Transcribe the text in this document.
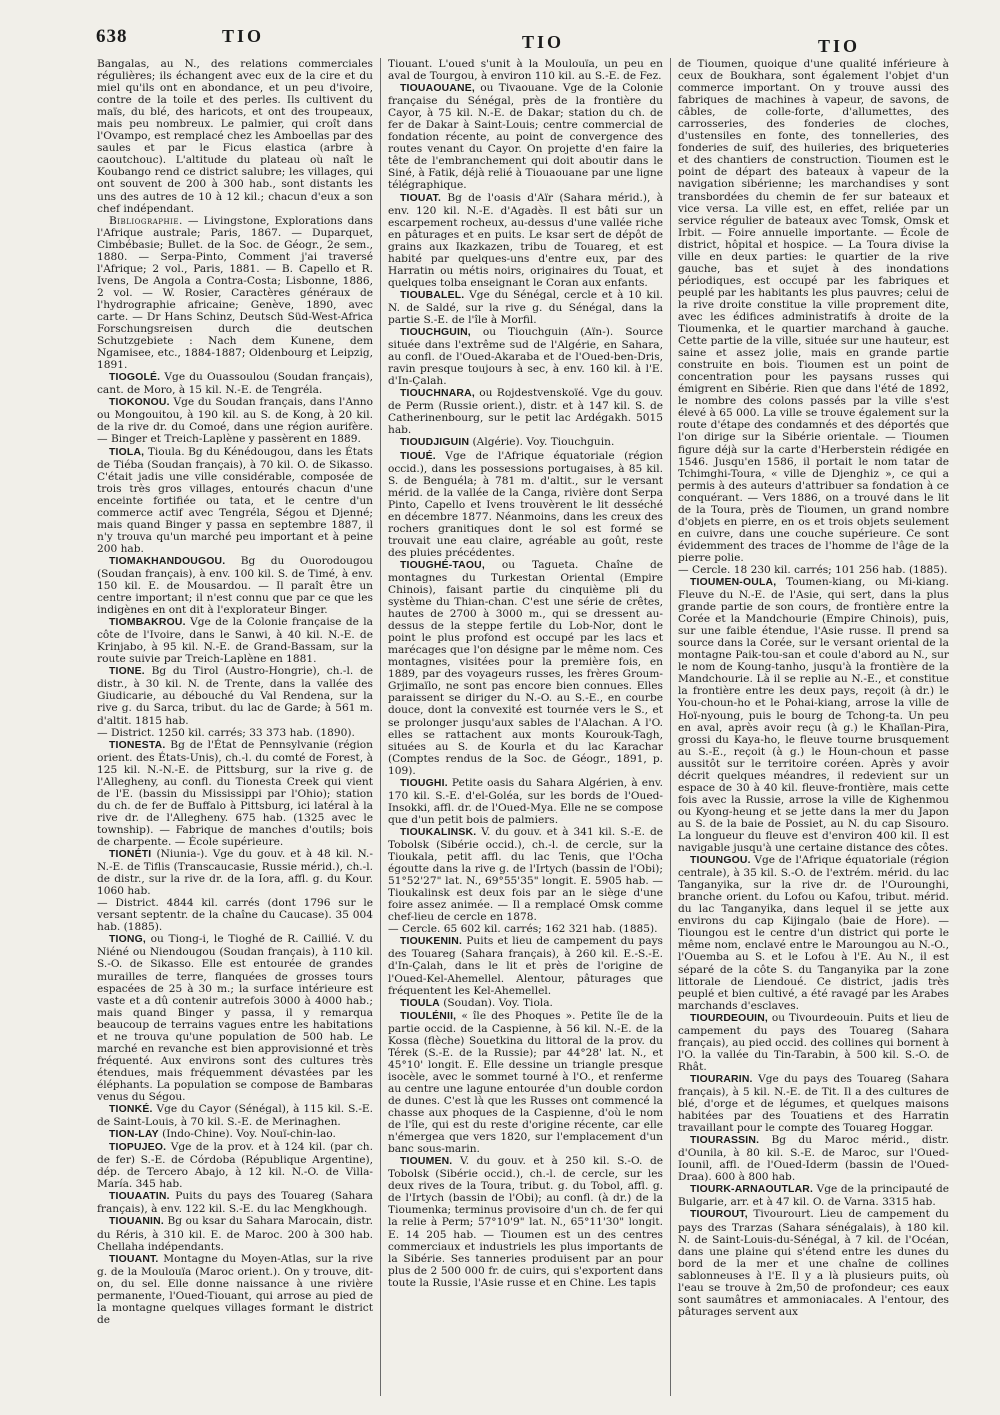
638	TIO	TIO	TIO

Bangalas, au N., des relations commerciales régulières; ils échangent avec eux de la cire et du miel qu'ils ont en abondance, et un peu d'ivoire, contre de la toile et des perles. Ils cultivent du maïs, du blé, des haricots, et ont des troupeaux, mais peu nombreux. Le palmier, qui croît dans l'Ovampo, est remplacé chez les Amboellas par des saules et par le Ficus elastica (arbre à caoutchouc). L'altitude du plateau où naît le Koubango rend ce district salubre; les villages, qui ont souvent de 200 à 300 hab., sont distants les uns des autres de 10 à 12 kil.; chacun d'eux a son chef indépendant.

Bibliographie. — Livingstone, Explorations dans l'Afrique australe; Paris, 1867. — Duparquet, Cimbébasie; Bullet. de la Soc. de Géogr., 2e sem., 1880. — Serpa-Pinto, Comment j'ai traversé l'Afrique; 2 vol., Paris, 1881. — B. Capello et R. Ivens, De Angola a Contra-Costa; Lisbonne, 1886, 2 vol. — W. Rosier, Caractères généraux de l'hydrographie africaine; Genève, 1890, avec carte. — Dr Hans Schinz, Deutsch Süd-West-Africa Forschungsreisen durch die deutschen Schutzgebiete : Nach dem Kunene, dem Ngamisee, etc., 1884-1887; Oldenbourg et Leipzig, 1891.

TIOGOLÉ. Vge du Ouassoulou (Soudan français), cant. de Moro, à 15 kil. N.-E. de Tengréla.

TIOKONOU. Vge du Soudan français, dans l'Anno ou Mongouitou, à 190 kil. au S. de Kong, à 20 kil. de la rive dr. du Comoé, dans une région aurifère. — Binger et Treich-Laplène y passèrent en 1889.

TIOLA, Tioula. Bg du Kénédougou, dans les États de Tiéba (Soudan français), à 70 kil. O. de Sikasso. C'était jadis une ville considérable, composée de trois très gros villages, entourés chacun d'une enceinte fortifiée ou tata, et le centre d'un commerce actif avec Tengréla, Ségou et Djenné; mais quand Binger y passa en septembre 1887, il n'y trouva qu'un marché peu important et à peine 200 hab.

TIOMAKHANDOUGOU. Bg du Ouorodougou (Soudan français), à env. 100 kil. S. de Timé, à env. 150 kil. E. de Mousardou. — Il paraît être un centre important; il n'est connu que par ce que les indigènes en ont dit à l'explorateur Binger.

TIOMBAKROU. Vge de la Colonie française de la côte de l'Ivoire, dans le Sanwi, à 40 kil. N.-E. de Krinjabo, à 95 kil. N.-E. de Grand-Bassam, sur la route suivie par Treich-Laplène en 1881.

TIONE. Bg du Tirol (Austro-Hongrie), ch.-l. de distr., à 30 kil. N. de Trente, dans la vallée des Giudicarie, au débouché du Val Rendena, sur la rive g. du Sarca, tribut. du lac de Garde; à 561 m. d'altit. 1815 hab.

— District. 1250 kil. carrés; 33 373 hab. (1890).

TIONESTA. Bg de l'État de Pennsylvanie (région orient. des États-Unis), ch.-l. du comté de Forest, à 125 kil. N.-N.-E. de Pittsburg, sur la rive g. de l'Allegheny, au confl. du Tionesta Creek qui vient de l'E. (bassin du Mississippi par l'Ohio); station du ch. de fer de Buffalo à Pittsburg, ici latéral à la rive dr. de l'Allegheny. 675 hab. (1325 avec le township). — Fabrique de manches d'outils; bois de charpente. — École supérieure.

TIONÉTI (Niunia-). Vge du gouv. et à 48 kil. N.-N.-E. de Tiflis (Transcaucasie, Russie mérid.), ch.-l. de distr., sur la rive dr. de la Iora, affl. g. du Kour. 1060 hab.

— District. 4844 kil. carrés (dont 1796 sur le versant septentr. de la chaîne du Caucase). 35 004 hab. (1885).

TIONG, ou Tiong-i, le Tioghé de R. Caillié. V. du Niéné ou Niendougou (Soudan français), à 110 kil. S.-O. de Sikasso. Elle est entourée de grandes murailles de terre, flanquées de grosses tours espacées de 25 à 30 m.; la surface intérieure est vaste et a dû contenir autrefois 3000 à 4000 hab.; mais quand Binger y passa, il y remarqua beaucoup de terrains vagues entre les habitations et ne trouva qu'une population de 500 hab. Le marché en revanche est bien approvisionné et très fréquenté. Aux environs sont des cultures très étendues, mais fréquemment dévastées par les éléphants. La population se compose de Bambaras venus du Ségou.

TIONKÉ. Vge du Cayor (Sénégal), à 115 kil. S.-E. de Saint-Louis, à 70 kil. S.-E. de Merinaghen.

TION-LAY (Indo-Chine). Voy. Nouï-chin-lao.

TIOPUJEO. Vge de la prov. et à 124 kil. (par ch. de fer) S.-E. de Córdoba (République Argentine), dép. de Tercero Abajo, à 12 kil. N.-O. de Villa-María. 345 hab.

TIOUAATIN. Puits du pays des Touareg (Sahara français), à env. 122 kil. S.-E. du lac Mengkhough.

TIOUANIN. Bg ou ksar du Sahara Marocain, distr. du Réris, à 310 kil. E. de Maroc. 200 à 300 hab. Chellaha indépendants.

TIOUANT. Montagne du Moyen-Atlas, sur la rive g. de la Moulouïa (Maroc orient.). On y trouve, dit-on, du sel. Elle donne naissance à une rivière permanente, l'Oued-Tiouant, qui arrose au pied de la montagne quelques villages formant le district de

Tiouant. L'oued s'unit à la Moulouïa, un peu en aval de Tourgou, à environ 110 kil. au S.-E. de Fez.

TIOUAOUANE, ou Tivaouane. Vge de la Colonie française du Sénégal, près de la frontière du Cayor, à 75 kil. N.-E. de Dakar; station du ch. de fer de Dakar à Saint-Louis; centre commercial de fondation récente, au point de convergence des routes venant du Cayor. On projette d'en faire la tête de l'embranchement qui doit aboutir dans le Siné, à Fatik, déjà relié à Tiouaouane par une ligne télégraphique.

TIOUAT. Bg de l'oasis d'Aïr (Sahara mérid.), à env. 120 kil. N.-E. d'Agadès. Il est bâti sur un escarpement rocheux, au-dessus d'une vallée riche en pâturages et en puits. Le ksar sert de dépôt de grains aux Ikazkazen, tribu de Touareg, et est habité par quelques-uns d'entre eux, par des Harratin ou métis noirs, originaires du Touat, et quelques tolba enseignant le Coran aux enfants.

TIOUBALEL. Vge du Sénégal, cercle et à 10 kil. N. de Saldé, sur la rive g. du Sénégal, dans la partie S.-E. de l'île à Morfil.

TIOUCHGUIN, ou Tiouchguin (Aïn-). Source située dans l'extrême sud de l'Algérie, en Sahara, au confl. de l'Oued-Akaraba et de l'Oued-ben-Dris, ravin presque toujours à sec, à env. 160 kil. à l'E. d'In-Çalah.

TIOUCHNARA, ou Rojdestvenskoïé. Vge du gouv. de Perm (Russie orient.), distr. et à 147 kil. S. de Catherinenbourg, sur le petit lac Ardégakh. 5015 hab.

TIOUDJIGUIN (Algérie). Voy. Tiouchguin.

TIOUÉ. Vge de l'Afrique équatoriale (région occid.), dans les possessions portugaises, à 85 kil. S. de Benguéla; à 781 m. d'altit., sur le versant mérid. de la vallée de la Canga, rivière dont Serpa Pinto, Capello et Ivens trouvèrent le lit desséché en décembre 1877. Néanmoins, dans les creux des rochers granitiques dont le sol est formé se trouvait une eau claire, agréable au goût, reste des pluies précédentes.

TIOUGHÉ-TAOU, ou Tagueta. Chaîne de montagnes du Turkestan Oriental (Empire Chinois), faisant partie du cinquième pli du système du Thian-chan. C'est une série de crêtes, hautes de 2700 à 3000 m., qui se dressent au-dessus de la steppe fertile du Lob-Nor, dont le point le plus profond est occupé par les lacs et marécages que l'on désigne par le même nom. Ces montagnes, visitées pour la première fois, en 1889, par des voyageurs russes, les frères Groum-Grjimaïlo, ne sont pas encore bien connues. Elles paraissent se diriger du N.-O. au S.-E., en courbe douce, dont la convexité est tournée vers le S., et se prolonger jusqu'aux sables de l'Alachan. A l'O. elles se rattachent aux monts Kourouk-Tagh, situées au S. de Kourla et du lac Karachar (Comptes rendus de la Soc. de Géogr., 1891, p. 109).

TIOUGHI. Petite oasis du Sahara Algérien, à env. 170 kil. S.-E. d'el-Goléa, sur les bords de l'Oued-Insokki, affl. dr. de l'Oued-Mya. Elle ne se compose que d'un petit bois de palmiers.

TIOUKALINSK. V. du gouv. et à 341 kil. S.-E. de Tobolsk (Sibérie occid.), ch.-l. de cercle, sur la Tioukala, petit affl. du lac Tenis, que l'Ocha égoutte dans la rive g. de l'Irtych (bassin de l'Obi); 51°52'27" lat. N., 69°55'35" longit. E. 5905 hab. — Tioukalinsk est deux fois par an le siège d'une foire assez animée. — Il a remplacé Omsk comme chef-lieu de cercle en 1878.

— Cercle. 65 602 kil. carrés; 162 321 hab. (1885).

TIOUKENIN. Puits et lieu de campement du pays des Touareg (Sahara français), à 260 kil. E.-S.-E. d'In-Çalah, dans le lit et près de l'origine de l'Oued-Kel-Ahemellel. Alentour, pâturages que fréquentent les Kel-Ahemellel.

TIOULA (Soudan). Voy. Tiola.

TIOULÉNII, « île des Phoques ». Petite île de la partie occid. de la Caspienne, à 56 kil. N.-E. de la Kossa (flèche) Souetkina du littoral de la prov. du Térek (S.-E. de la Russie); par 44°28' lat. N., et 45°10' longit. E. Elle dessine un triangle presque isocèle, avec le sommet tourné à l'O., et renferme au centre une lagune entourée d'un double cordon de dunes. C'est là que les Russes ont commencé la chasse aux phoques de la Caspienne, d'où le nom de l'île, qui est du reste d'origine récente, car elle n'émergea que vers 1820, sur l'emplacement d'un banc sous-marin.

TIOUMEN. V. du gouv. et à 250 kil. S.-O. de Tobolsk (Sibérie occid.), ch.-l. de cercle, sur les deux rives de la Toura, tribut. g. du Tobol, affl. g. de l'Irtych (bassin de l'Obi); au confl. (à dr.) de la Tioumenka; terminus provisoire d'un ch. de fer qui la relie à Perm; 57°10'9" lat. N., 65°11'30" longit. E. 14 205 hab. — Tioumen est un des centres commerciaux et industriels les plus importants de la Sibérie. Ses tanneries produisent par an pour plus de 2 500 000 fr. de cuirs, qui s'exportent dans toute la Russie, l'Asie russe et en Chine. Les tapis

de Tioumen, quoique d'une qualité inférieure à ceux de Boukhara, sont également l'objet d'un commerce important. On y trouve aussi des fabriques de machines à vapeur, de savons, de câbles, de colle-forte, d'allumettes, des carrosseries, des fonderies de cloches, d'ustensiles en fonte, des tonnelleries, des fonderies de suif, des huileries, des briqueteries et des chantiers de construction. Tioumen est le point de départ des bateaux à vapeur de la navigation sibérienne; les marchandises y sont transbordées du chemin de fer sur bateaux et vice versa. La ville est, en effet, reliée par un service régulier de bateaux avec Tomsk, Omsk et Irbit. — Foire annuelle importante. — École de district, hôpital et hospice. — La Toura divise la ville en deux parties: le quartier de la rive gauche, bas et sujet à des inondations périodiques, est occupé par les fabriques et peuplé par les habitants les plus pauvres; celui de la rive droite constitue la ville proprement dite, avec les édifices administratifs à droite de la Tioumenka, et le quartier marchand à gauche. Cette partie de la ville, située sur une hauteur, est saine et assez jolie, mais en grande partie construite en bois. Tioumen est un point de concentration pour les paysans russes qui émigrent en Sibérie. Rien que dans l'été de 1892, le nombre des colons passés par la ville s'est élevé à 65 000. La ville se trouve également sur la route d'étape des condamnés et des déportés que l'on dirige sur la Sibérie orientale. — Tioumen figure déjà sur la carte d'Herberstein rédigée en 1546. Jusqu'en 1586, il portait le nom tatar de Tchimghi-Toura, « ville de Djenghiz », ce qui a permis à des auteurs d'attribuer sa fondation à ce conquérant. — Vers 1886, on a trouvé dans le lit de la Toura, près de Tioumen, un grand nombre d'objets en pierre, en os et trois objets seulement en cuivre, dans une couche supérieure. Ce sont évidemment des traces de l'homme de l'âge de la pierre polie.

— Cercle. 18 230 kil. carrés; 101 256 hab. (1885).

TIOUMEN-OULA, Toumen-kiang, ou Mi-kiang. Fleuve du N.-E. de l'Asie, qui sert, dans la plus grande partie de son cours, de frontière entre la Corée et la Mandchourie (Empire Chinois), puis, sur une faible étendue, l'Asie russe. Il prend sa source dans la Corée, sur le versant oriental de la montagne Paik-tou-san et coule d'abord au N., sur le nom de Koung-tanho, jusqu'à la frontière de la Mandchourie. Là il se replie au N.-E., et constitue la frontière entre les deux pays, reçoit (à dr.) le You-choun-ho et le Pohai-kiang, arrose la ville de Hoï-nyoung, puis le bourg de Tchong-ta. Un peu en aval, après avoir reçu (à g.) le Khaïlan-Pira, grossi du Kaya-ho, le fleuve tourne brusquement au S.-E., reçoit (à g.) le Houn-choun et passe aussitôt sur le territoire coréen. Après y avoir décrit quelques méandres, il redevient sur un espace de 30 à 40 kil. fleuve-frontière, mais cette fois avec la Russie, arrose la ville de Kighenmou ou Kyong-heung et se jette dans la mer du Japon au S. de la baie de Possiet, au N. du cap Sisouro. La longueur du fleuve est d'environ 400 kil. Il est navigable jusqu'à une certaine distance des côtes.

TIOUNGOU. Vge de l'Afrique équatoriale (région centrale), à 35 kil. S.-O. de l'extrém. mérid. du lac Tanganyika, sur la rive dr. de l'Ourounghi, branche orient. du Lofou ou Kafou, tribut. mérid. du lac Tanganyika, dans lequel il se jette aux environs du cap Kijingalo (baie de Hore). — Tioungou est le centre d'un district qui porte le même nom, enclavé entre le Maroungou au N.-O., l'Ouemba au S. et le Lofou à l'E. Au N., il est séparé de la côte S. du Tanganyika par la zone littorale de Liendoué. Ce district, jadis très peuplé et bien cultivé, a été ravagé par les Arabes marchands d'esclaves.

TIOURDEOUIN, ou Tivourdeouin. Puits et lieu de campement du pays des Touareg (Sahara français), au pied occid. des collines qui bornent à l'O. la vallée du Tin-Tarabin, à 500 kil. S.-O. de Rhât.

TIOURARIN. Vge du pays des Touareg (Sahara français), à 5 kil. N.-E. de Tit. Il a des cultures de blé, d'orge et de légumes, et quelques maisons habitées par des Touatiens et des Harratin travaillant pour le compte des Touareg Hoggar.

TIOURASSIN. Bg du Maroc mérid., distr. d'Ounila, à 80 kil. S.-E. de Maroc, sur l'Oued-Iounil, affl. de l'Oued-Iderm (bassin de l'Oued-Draa). 600 à 800 hab.

TIOURK-ARNAOUTLAR. Vge de la principauté de Bulgarie, arr. et à 47 kil. O. de Varna. 3315 hab.

TIOUROUT, Tivourourt. Lieu de campement du pays des Trarzas (Sahara sénégalais), à 180 kil. N. de Saint-Louis-du-Sénégal, à 7 kil. de l'Océan, dans une plaine qui s'étend entre les dunes du bord de la mer et une chaîne de collines sablonneuses à l'E. Il y a là plusieurs puits, où l'eau se trouve à 2m,50 de profondeur; ces eaux sont saumâtres et ammoniacales. A l'entour, des pâturages servent aux
